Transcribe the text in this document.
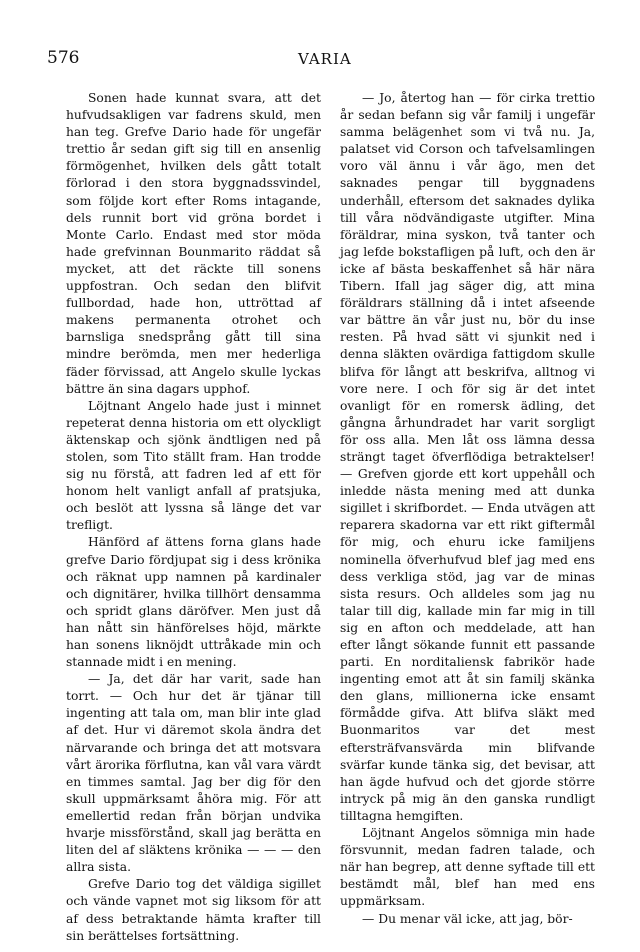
576	VARIA

Sonen hade kunnat svara, att det hufvudsakligen var fadrens skuld, men han teg. Grefve Dario hade för ungefär trettio år sedan gift sig till en ansenlig förmögenhet, hvilken dels gått totalt förlorad i den stora byggnadssvindel, som följde kort efter Roms intagande, dels runnit bort vid gröna bordet i Monte Carlo. Endast med stor möda hade grefvinnan Bounmarito räddat så mycket, att det räckte till sonens uppfostran. Och sedan den blifvit fullbordad, hade hon, uttröttad af makens permanenta otrohet och barnsliga snedsprång gått till sina mindre berömda, men mer hederliga fäder förvissad, att Angelo skulle lyckas bättre än sina dagars upphof.

Löjtnant Angelo hade just i minnet repeterat denna historia om ett olyckligt äktenskap och sjönk ändtligen ned på stolen, som Tito ställt fram. Han trodde sig nu förstå, att fadren led af ett för honom helt vanligt anfall af pratsjuka, och beslöt att lyssna så länge det var trefligt.

Hänförd af ättens forna glans hade grefve Dario fördjupat sig i dess krönika och räknat upp namnen på kardinaler och dignitärer, hvilka tillhört densamma och spridt glans däröfver. Men just då han nått sin hänförelses höjd, märkte han sonens liknöjdt uttråkade min och stannade midt i en mening.

— Ja, det där har varit, sade han torrt. — Och hur det är tjänar till ingenting att tala om, man blir inte glad af det. Hur vi däremot skola ändra det närvarande och bringa det att motsvara vårt ärorika förflutna, kan vål vara värdt en timmes samtal. Jag ber dig för den skull uppmärksamt åhöra mig. För att emellertid redan från början undvika hvarje missförstånd, skall jag berätta en liten del af släktens krönika — — — den allra sista.

Grefve Dario tog det väldiga sigillet och vände vapnet mot sig liksom för att af dess betraktande hämta krafter till sin berättelses fortsättning.

— Jo, återtog han — för cirka trettio år sedan befann sig vår familj i ungefär samma belägenhet som vi två nu. Ja, palatset vid Corson och tafvelsamlingen voro väl ännu i vår ägo, men det saknades pengar till byggnadens underhåll, eftersom det saknades dylika till våra nödvändigaste utgifter. Mina föräldrar, mina syskon, två tanter och jag lefde bokstafligen på luft, och den är icke af bästa beskaffenhet så här nära Tibern. Ifall jag säger dig, att mina föräldrars ställning då i intet afseende var bättre än vår just nu, bör du inse resten. På hvad sätt vi sjunkit ned i denna släkten ovärdiga fattigdom skulle blifva för långt att beskrifva, alltnog vi vore nere. I och för sig är det intet ovanligt för en romersk ädling, det gångna århundradet har varit sorgligt för oss alla. Men låt oss lämna dessa strängt taget öfverflödiga betraktelser! — Grefven gjorde ett kort uppehåll och inledde nästa mening med att dunka sigillet i skrifbordet. — Enda utvägen att reparera skadorna var ett rikt giftermål för mig, och ehuru icke familjens nominella öfverhufvud blef jag med ens dess verkliga stöd, jag var de minas sista resurs. Och alldeles som jag nu talar till dig, kallade min far mig in till sig en afton och meddelade, att han efter långt sökande funnit ett passande parti. En norditaliensk fabrikör hade ingenting emot att åt sin familj skänka den glans, millionerna icke ensamt förmådde gifva. Att blifva släkt med Buonmaritos var det mest eftersträfvansvärda min blifvande svärfar kunde tänka sig, det bevisar, att han ägde hufvud och det gjorde större intryck på mig än den ganska rundligt tilltagna hemgiften.

Löjtnant Angelos sömniga min hade försvunnit, medan fadren talade, och när han begrep, att denne syftade till ett bestämdt mål, blef han med ens uppmärksam.

— Du menar väl icke, att jag, bör-
